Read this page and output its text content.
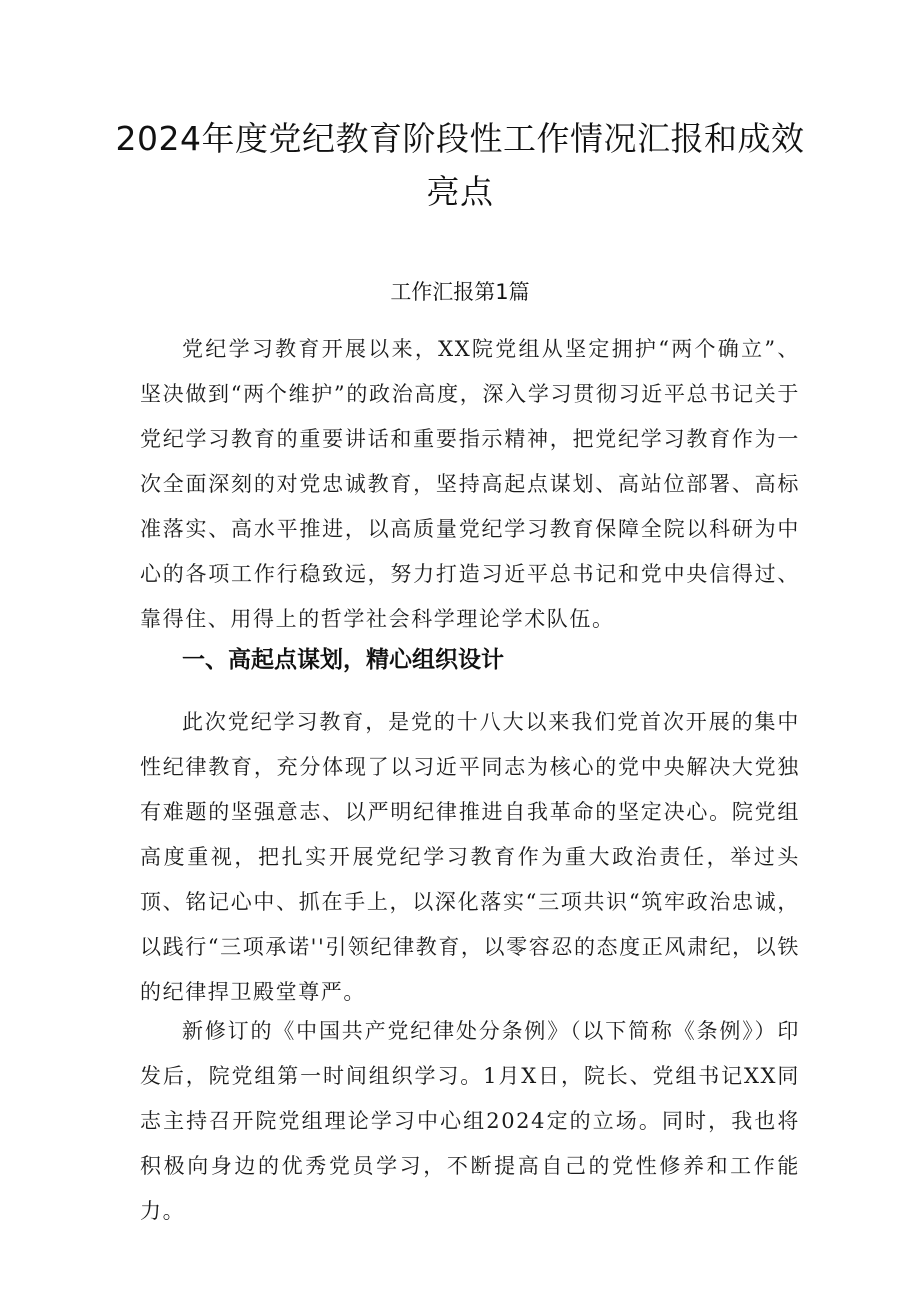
2024年度党纪教育阶段性工作情况汇报和成效亮点
工作汇报第1篇

党纪学习教育开展以来，XX院党组从坚定拥护“两个确立”、坚决做到“两个维护”的政治高度，深入学习贯彻习近平总书记关于党纪学习教育的重要讲话和重要指示精神，把党纪学习教育作为一次全面深刻的对党忠诚教育，坚持高起点谋划、高站位部署、高标准落实、高水平推进，以高质量党纪学习教育保障全院以科研为中心的各项工作行稳致远，努力打造习近平总书记和党中央信得过、靠得住、用得上的哲学社会科学理论学术队伍。

一、高起点谋划，精心组织设计

此次党纪学习教育，是党的十八大以来我们党首次开展的集中性纪律教育，充分体现了以习近平同志为核心的党中央解决大党独有难题的坚强意志、以严明纪律推进自我革命的坚定决心。院党组高度重视，把扎实开展党纪学习教育作为重大政治责任，举过头顶、铭记心中、抓在手上，以深化落实“三项共识“筑牢政治忠诚，以践行“三项承诺''引领纪律教育，以零容忍的态度正风肃纪，以铁的纪律捍卫殿堂尊严。

新修订的《中国共产党纪律处分条例》（以下简称《条例》）印发后，院党组第一时间组织学习。1月X日，院长、党组书记XX同志主持召开院党组理论学习中心组2024定的立场。同时，我也将积极向身边的优秀党员学习，不断提高自己的党性修养和工作能力。
